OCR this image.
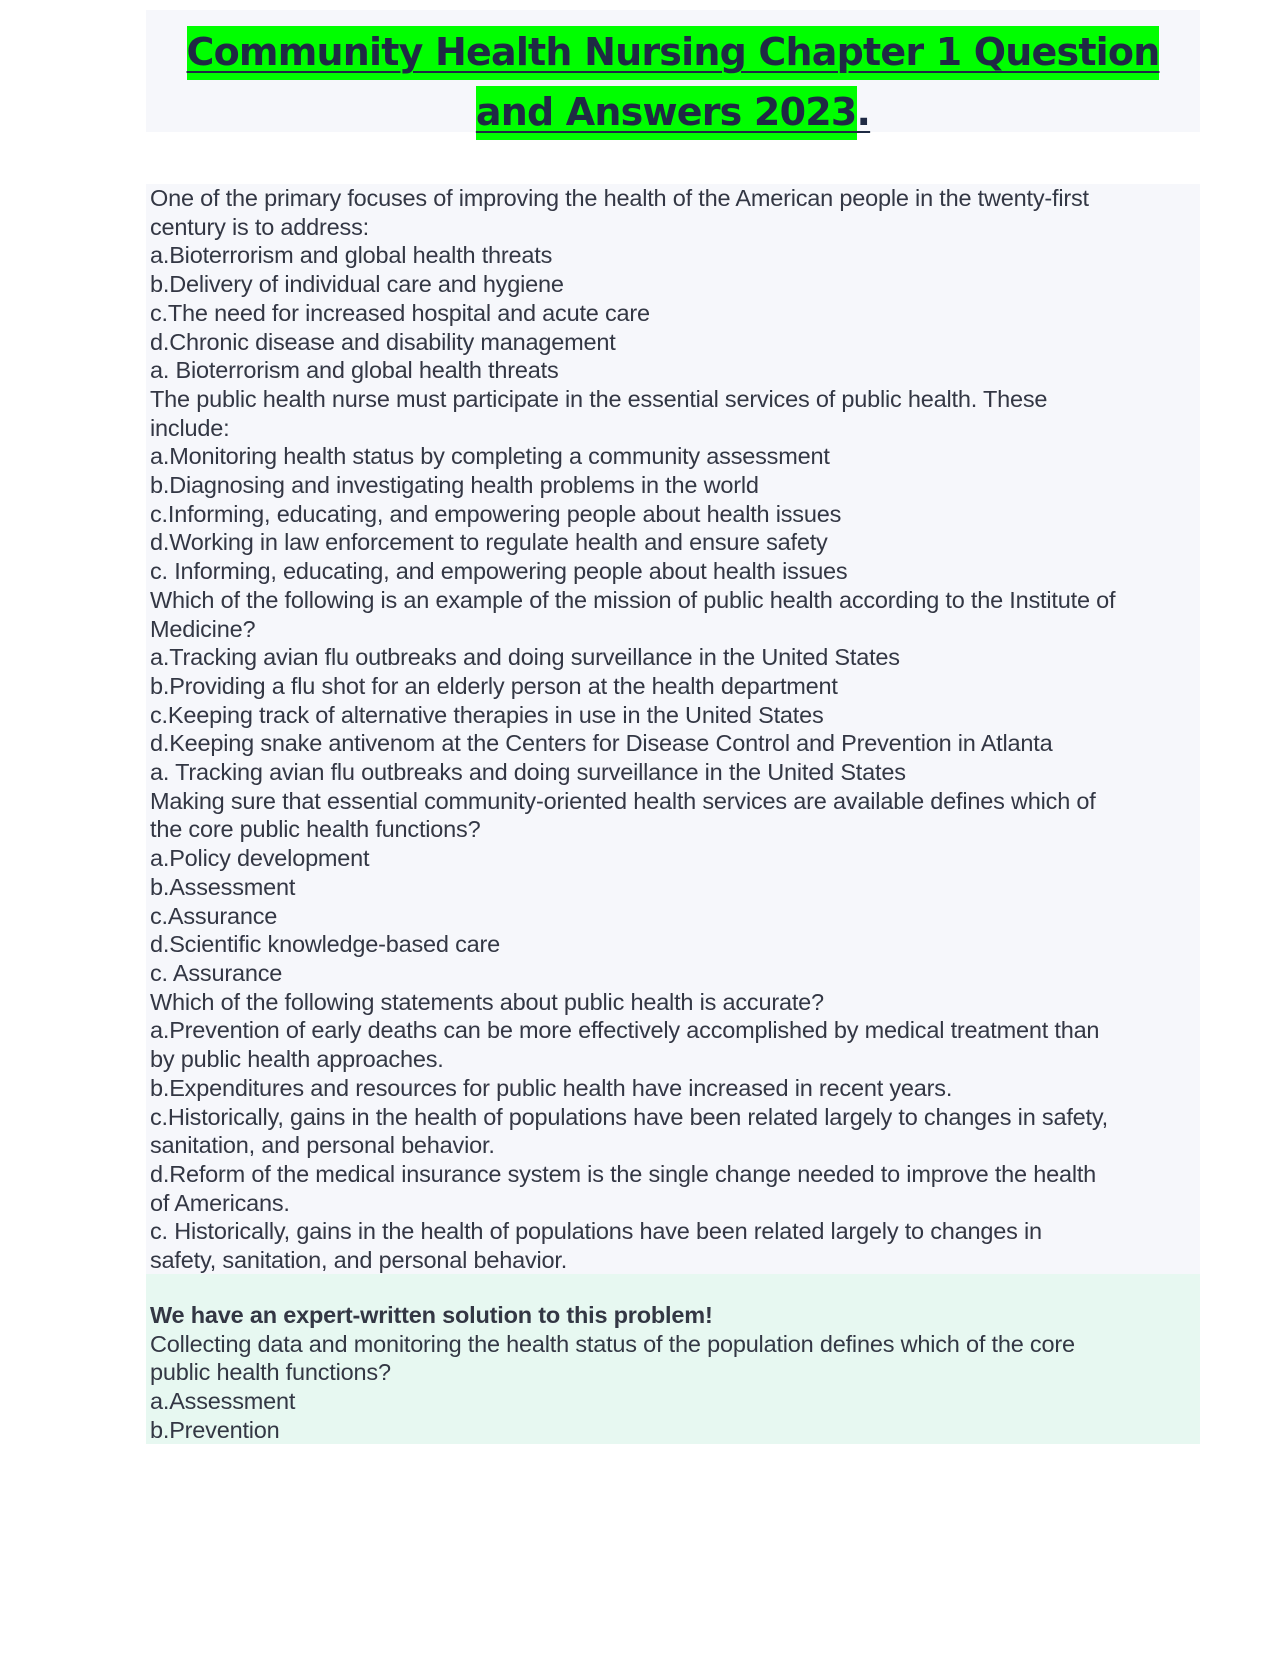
Community Health Nursing Chapter 1 Question
and Answers 2023.
One of the primary focuses of improving the health of the American people in the twenty-first
century is to address:
a.Bioterrorism and global health threats
b.Delivery of individual care and hygiene
c.The need for increased hospital and acute care
d.Chronic disease and disability management
a. Bioterrorism and global health threats
The public health nurse must participate in the essential services of public health. These
include:
a.Monitoring health status by completing a community assessment
b.Diagnosing and investigating health problems in the world
c.Informing, educating, and empowering people about health issues
d.Working in law enforcement to regulate health and ensure safety
c. Informing, educating, and empowering people about health issues
Which of the following is an example of the mission of public health according to the Institute of
Medicine?
a.Tracking avian flu outbreaks and doing surveillance in the United States
b.Providing a flu shot for an elderly person at the health department
c.Keeping track of alternative therapies in use in the United States
d.Keeping snake antivenom at the Centers for Disease Control and Prevention in Atlanta
a. Tracking avian flu outbreaks and doing surveillance in the United States
Making sure that essential community-oriented health services are available defines which of
the core public health functions?
a.Policy development
b.Assessment
c.Assurance
d.Scientific knowledge-based care
c. Assurance
Which of the following statements about public health is accurate?
a.Prevention of early deaths can be more effectively accomplished by medical treatment than
by public health approaches.
b.Expenditures and resources for public health have increased in recent years.
c.Historically, gains in the health of populations have been related largely to changes in safety,
sanitation, and personal behavior.
d.Reform of the medical insurance system is the single change needed to improve the health
of Americans.
c. Historically, gains in the health of populations have been related largely to changes in
safety, sanitation, and personal behavior.
We have an expert-written solution to this problem!
Collecting data and monitoring the health status of the population defines which of the core
public health functions?
a.Assessment
b.Prevention
